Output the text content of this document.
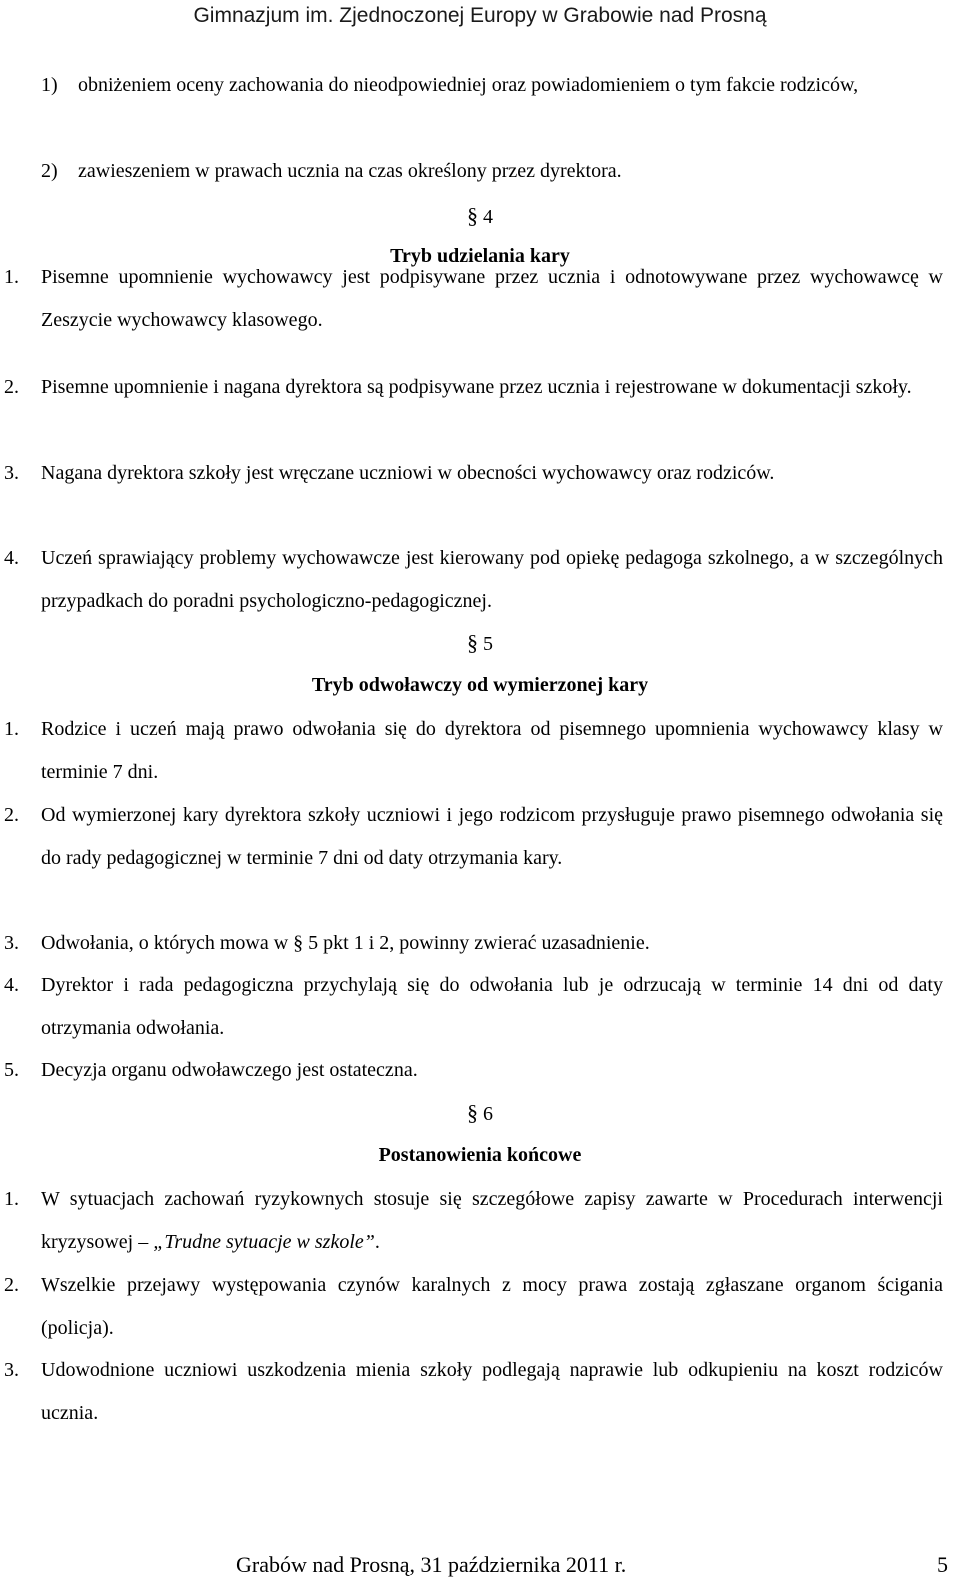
Gimnazjum im. Zjednoczonej Europy w Grabowie nad Prosną
1) obniżeniem oceny zachowania do nieodpowiedniej oraz powiadomieniem o tym fakcie rodziców,
2) zawieszeniem w prawach ucznia na czas określony przez dyrektora.
§ 4
Tryb udzielania kary
1. Pisemne upomnienie wychowawcy jest podpisywane przez ucznia i odnotowywane przez wychowawcę w Zeszycie wychowawcy klasowego.
2. Pisemne upomnienie i nagana dyrektora są podpisywane przez ucznia i rejestrowane w dokumentacji szkoły.
3. Nagana dyrektora szkoły jest wręczane uczniowi w obecności wychowawcy oraz rodziców.
4. Uczeń sprawiający problemy wychowawcze jest kierowany pod opiekę pedagoga szkolnego, a w szczególnych przypadkach do poradni psychologiczno-pedagogicznej.
§ 5
Tryb odwoławczy od wymierzonej kary
1. Rodzice i uczeń mają prawo odwołania się do dyrektora od pisemnego upomnienia wychowawcy klasy w terminie 7 dni.
2. Od wymierzonej kary dyrektora szkoły uczniowi i jego rodzicom przysługuje prawo pisemnego odwołania się do rady pedagogicznej w terminie 7 dni od daty otrzymania kary.
3. Odwołania, o których mowa w § 5 pkt 1 i 2, powinny zwierać uzasadnienie.
4. Dyrektor i rada pedagogiczna przychylają się do odwołania lub je odrzucają w terminie 14 dni od daty otrzymania odwołania.
5. Decyzja organu odwoławczego jest ostateczna.
§ 6
Postanowienia końcowe
1. W sytuacjach zachowań ryzykownych stosuje się szczegółowe zapisy zawarte w Procedurach interwencji kryzysowej – „Trudne sytuacje w szkole”.
2. Wszelkie przejawy występowania czynów karalnych z mocy prawa zostają zgłaszane organom ścigania (policja).
3. Udowodnione uczniowi uszkodzenia mienia szkoły podlegają naprawie lub odkupieniu na koszt rodziców ucznia.
Grabów nad Prosną, 31 października 2011 r.	5
